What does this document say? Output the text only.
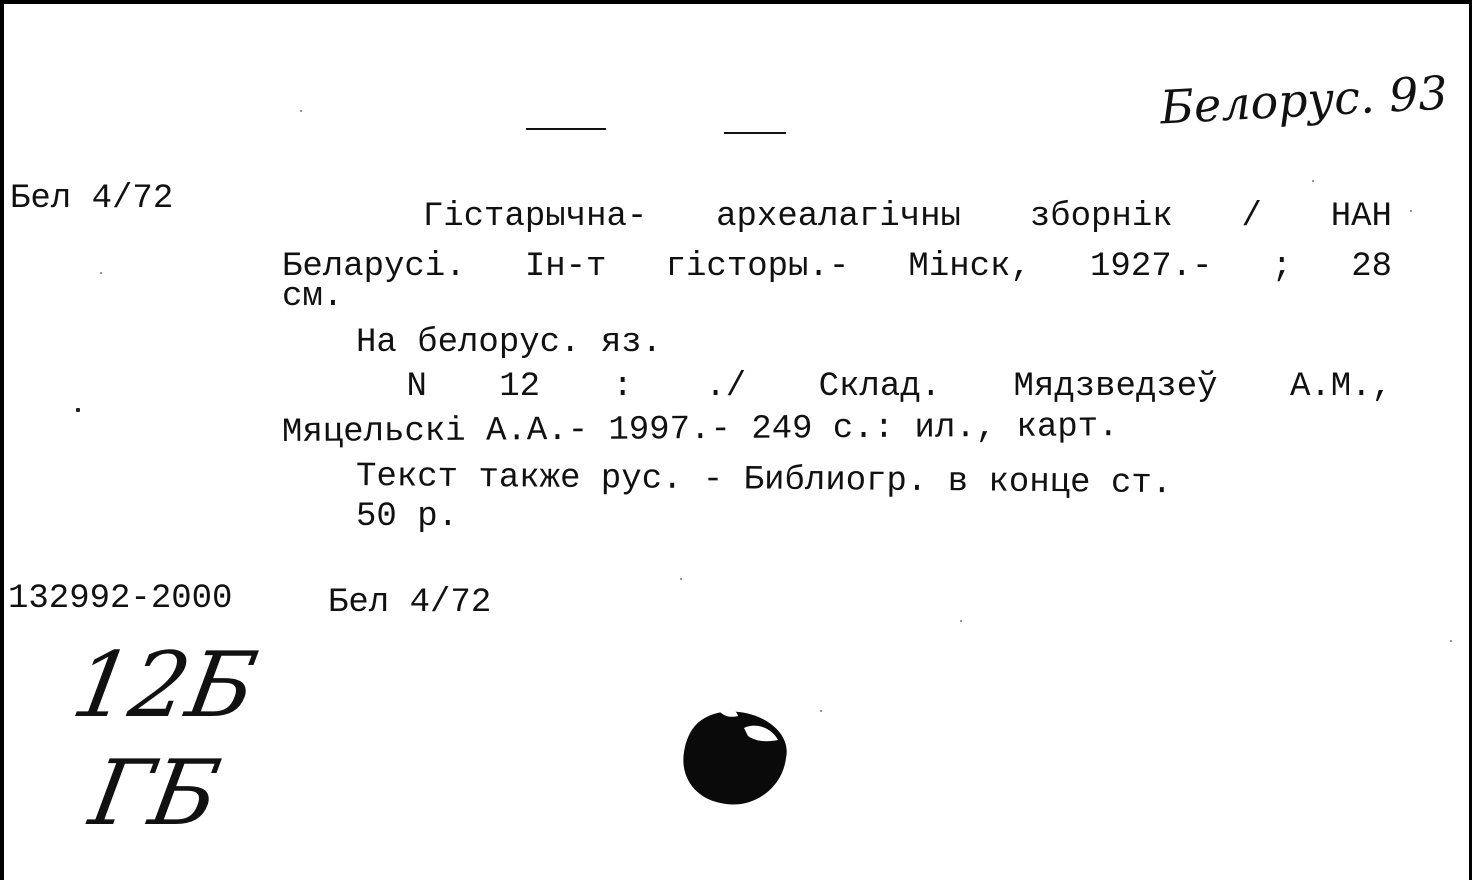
Белорус. 93
Бел 4/72	Гістарычна- археалагічны зборнік / НАН
Беларусі. Ін-т гісторы.- Мінск, 1927.- ; 28
см.
На белорус. яз.
N 12 : ./ Склад. Мядзведзеў А.М.,
Мяцельскі А.А.- 1997.- 249 с.: ил., карт.
Текст также рус. - Библиогр. в конце ст.
50 р.
132992-2000	Бел 4/72
12Б
ГБ
